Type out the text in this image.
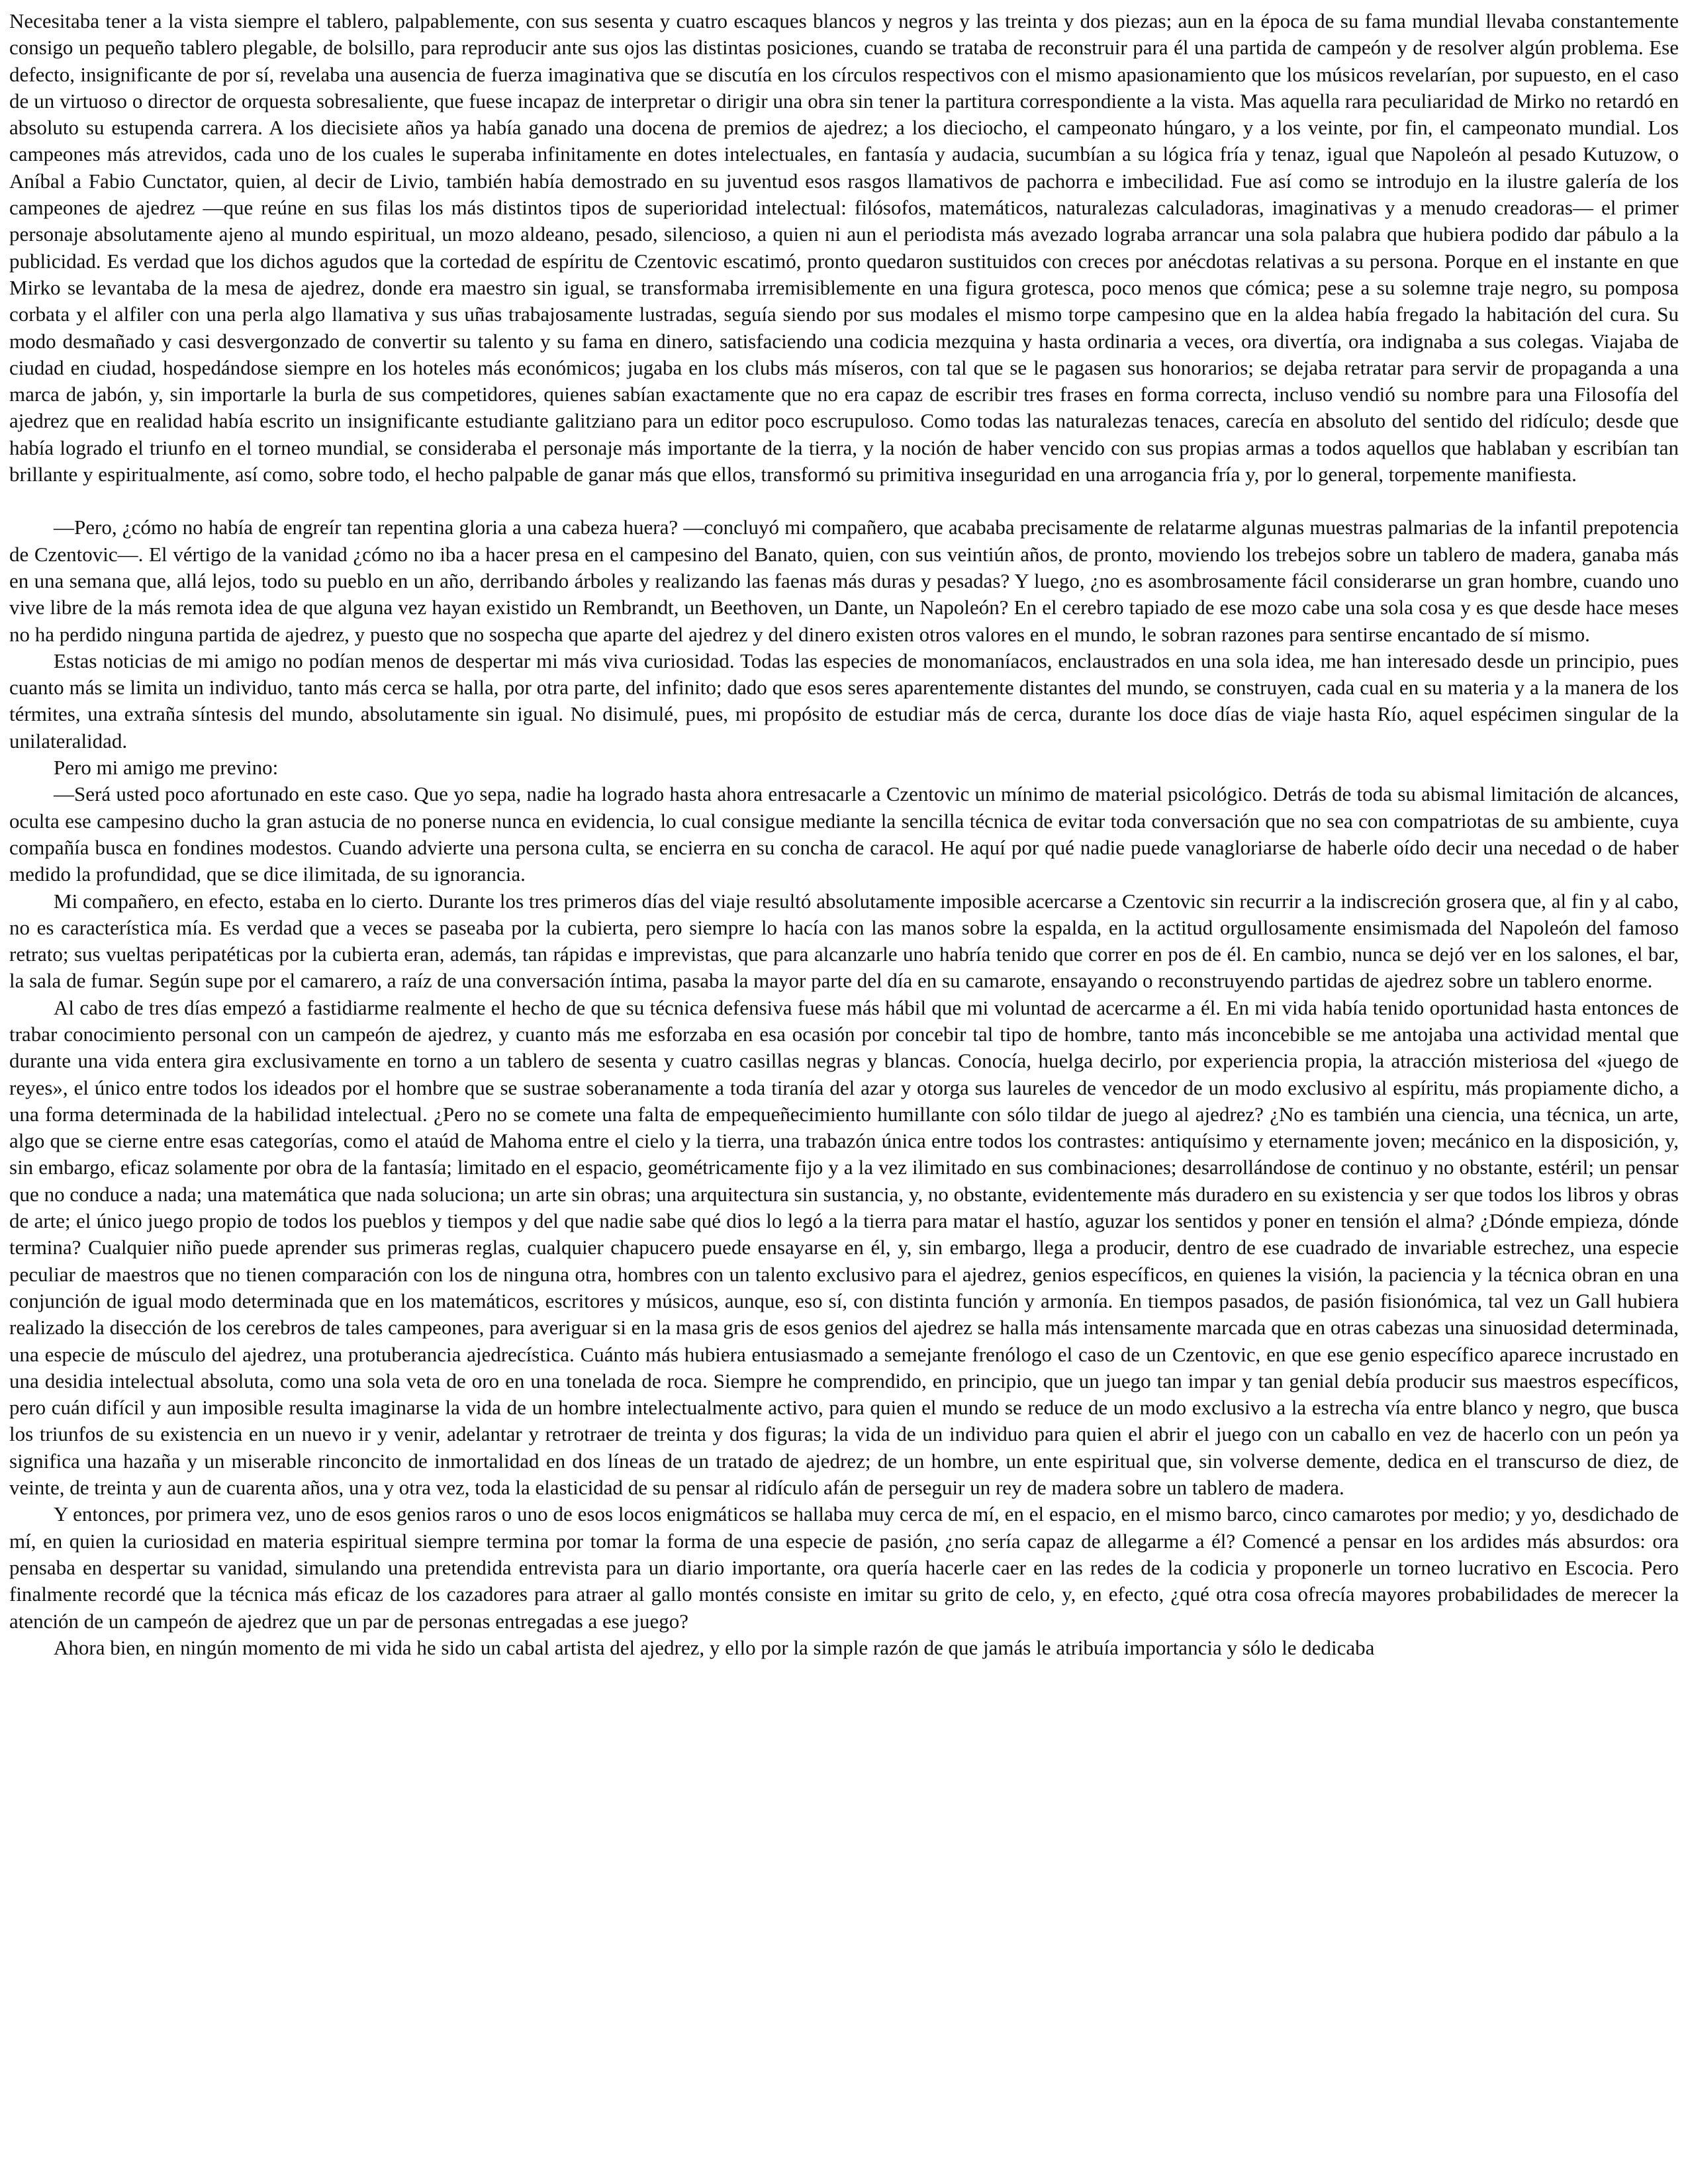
Necesitaba tener a la vista siempre el tablero, palpablemente, con sus sesenta y cuatro escaques blancos y negros y las treinta y dos piezas; aun en la época de su fama mundial llevaba constantemente consigo un pequeño tablero plegable, de bolsillo, para reproducir ante sus ojos las distintas posiciones, cuando se trataba de reconstruir para él una partida de campeón y de resolver algún problema. Ese defecto, insignificante de por sí, revelaba una ausencia de fuerza imaginativa que se discutía en los círculos respectivos con el mismo apasionamiento que los músicos revelarían, por supuesto, en el caso de un virtuoso o director de orquesta sobresaliente, que fuese incapaz de interpretar o dirigir una obra sin tener la partitura correspondiente a la vista. Mas aquella rara peculiaridad de Mirko no retardó en absoluto su estupenda carrera. A los diecisiete años ya había ganado una docena de premios de ajedrez; a los dieciocho, el campeonato húngaro, y a los veinte, por fin, el campeonato mundial. Los campeones más atrevidos, cada uno de los cuales le superaba infinitamente en dotes intelectuales, en fantasía y audacia, sucumbían a su lógica fría y tenaz, igual que Napoleón al pesado Kutuzow, o Aníbal a Fabio Cunctator, quien, al decir de Livio, también había demostrado en su juventud esos rasgos llamativos de pachorra e imbecilidad. Fue así como se introdujo en la ilustre galería de los campeones de ajedrez —que reúne en sus filas los más distintos tipos de superioridad intelectual: filósofos, matemáticos, naturalezas calculadoras, imaginativas y a menudo creadoras— el primer personaje absolutamente ajeno al mundo espiritual, un mozo aldeano, pesado, silencioso, a quien ni aun el periodista más avezado lograba arrancar una sola palabra que hubiera podido dar pábulo a la publicidad. Es verdad que los dichos agudos que la cortedad de espíritu de Czentovic escatimó, pronto quedaron sustituidos con creces por anécdotas relativas a su persona. Porque en el instante en que Mirko se levantaba de la mesa de ajedrez, donde era maestro sin igual, se transformaba irremisiblemente en una figura grotesca, poco menos que cómica; pese a su solemne traje negro, su pomposa corbata y el alfiler con una perla algo llamativa y sus uñas trabajosamente lustradas, seguía siendo por sus modales el mismo torpe campesino que en la aldea había fregado la habitación del cura. Su modo desmañado y casi desvergonzado de convertir su talento y su fama en dinero, satisfaciendo una codicia mezquina y hasta ordinaria a veces, ora divertía, ora indignaba a sus colegas. Viajaba de ciudad en ciudad, hospedándose siempre en los hoteles más económicos; jugaba en los clubs más míseros, con tal que se le pagasen sus honorarios; se dejaba retratar para servir de propaganda a una marca de jabón, y, sin importarle la burla de sus competidores, quienes sabían exactamente que no era capaz de escribir tres frases en forma correcta, incluso vendió su nombre para una Filosofía del ajedrez que en realidad había escrito un insignificante estudiante galitziano para un editor poco escrupuloso. Como todas las naturalezas tenaces, carecía en absoluto del sentido del ridículo; desde que había logrado el triunfo en el torneo mundial, se consideraba el personaje más importante de la tierra, y la noción de haber vencido con sus propias armas a todos aquellos que hablaban y escribían tan brillante y espiritualmente, así como, sobre todo, el hecho palpable de ganar más que ellos, transformó su primitiva inseguridad en una arrogancia fría y, por lo general, torpemente manifiesta.

—Pero, ¿cómo no había de engreír tan repentina gloria a una cabeza huera? —concluyó mi compañero, que acababa precisamente de relatarme algunas muestras palmarias de la infantil prepotencia de Czentovic—. El vértigo de la vanidad ¿cómo no iba a hacer presa en el campesino del Banato, quien, con sus veintiún años, de pronto, moviendo los trebejos sobre un tablero de madera, ganaba más en una semana que, allá lejos, todo su pueblo en un año, derribando árboles y realizando las faenas más duras y pesadas? Y luego, ¿no es asombrosamente fácil considerarse un gran hombre, cuando uno vive libre de la más remota idea de que alguna vez hayan existido un Rembrandt, un Beethoven, un Dante, un Napoleón? En el cerebro tapiado de ese mozo cabe una sola cosa y es que desde hace meses no ha perdido ninguna partida de ajedrez, y puesto que no sospecha que aparte del ajedrez y del dinero existen otros valores en el mundo, le sobran razones para sentirse encantado de sí mismo.

Estas noticias de mi amigo no podían menos de despertar mi más viva curiosidad. Todas las especies de monomaníacos, enclaustrados en una sola idea, me han interesado desde un principio, pues cuanto más se limita un individuo, tanto más cerca se halla, por otra parte, del infinito; dado que esos seres aparentemente distantes del mundo, se construyen, cada cual en su materia y a la manera de los térmites, una extraña síntesis del mundo, absolutamente sin igual. No disimulé, pues, mi propósito de estudiar más de cerca, durante los doce días de viaje hasta Río, aquel espécimen singular de la unilateralidad.

Pero mi amigo me previno:

—Será usted poco afortunado en este caso. Que yo sepa, nadie ha logrado hasta ahora entresacarle a Czentovic un mínimo de material psicológico. Detrás de toda su abismal limitación de alcances, oculta ese campesino ducho la gran astucia de no ponerse nunca en evidencia, lo cual consigue mediante la sencilla técnica de evitar toda conversación que no sea con compatriotas de su ambiente, cuya compañía busca en fondines modestos. Cuando advierte una persona culta, se encierra en su concha de caracol. He aquí por qué nadie puede vanagloriarse de haberle oído decir una necedad o de haber medido la profundidad, que se dice ilimitada, de su ignorancia.

Mi compañero, en efecto, estaba en lo cierto. Durante los tres primeros días del viaje resultó absolutamente imposible acercarse a Czentovic sin recurrir a la indiscreción grosera que, al fin y al cabo, no es característica mía. Es verdad que a veces se paseaba por la cubierta, pero siempre lo hacía con las manos sobre la espalda, en la actitud orgullosamente ensimismada del Napoleón del famoso retrato; sus vueltas peripatéticas por la cubierta eran, además, tan rápidas e imprevistas, que para alcanzarle uno habría tenido que correr en pos de él. En cambio, nunca se dejó ver en los salones, el bar, la sala de fumar. Según supe por el camarero, a raíz de una conversación íntima, pasaba la mayor parte del día en su camarote, ensayando o reconstruyendo partidas de ajedrez sobre un tablero enorme.

Al cabo de tres días empezó a fastidiarme realmente el hecho de que su técnica defensiva fuese más hábil que mi voluntad de acercarme a él. En mi vida había tenido oportunidad hasta entonces de trabar conocimiento personal con un campeón de ajedrez, y cuanto más me esforzaba en esa ocasión por concebir tal tipo de hombre, tanto más inconcebible se me antojaba una actividad mental que durante una vida entera gira exclusivamente en torno a un tablero de sesenta y cuatro casillas negras y blancas. Conocía, huelga decirlo, por experiencia propia, la atracción misteriosa del «juego de reyes», el único entre todos los ideados por el hombre que se sustrae soberanamente a toda tiranía del azar y otorga sus laureles de vencedor de un modo exclusivo al espíritu, más propiamente dicho, a una forma determinada de la habilidad intelectual. ¿Pero no se comete una falta de empequeñecimiento humillante con sólo tildar de juego al ajedrez? ¿No es también una ciencia, una técnica, un arte, algo que se cierne entre esas categorías, como el ataúd de Mahoma entre el cielo y la tierra, una trabazón única entre todos los contrastes: antiquísimo y eternamente joven; mecánico en la disposición, y, sin embargo, eficaz solamente por obra de la fantasía; limitado en el espacio, geométricamente fijo y a la vez ilimitado en sus combinaciones; desarrollándose de continuo y no obstante, estéril; un pensar que no conduce a nada; una matemática que nada soluciona; un arte sin obras; una arquitectura sin sustancia, y, no obstante, evidentemente más duradero en su existencia y ser que todos los libros y obras de arte; el único juego propio de todos los pueblos y tiempos y del que nadie sabe qué dios lo legó a la tierra para matar el hastío, aguzar los sentidos y poner en tensión el alma? ¿Dónde empieza, dónde termina? Cualquier niño puede aprender sus primeras reglas, cualquier chapucero puede ensayarse en él, y, sin embargo, llega a producir, dentro de ese cuadrado de invariable estrechez, una especie peculiar de maestros que no tienen comparación con los de ninguna otra, hombres con un talento exclusivo para el ajedrez, genios específicos, en quienes la visión, la paciencia y la técnica obran en una conjunción de igual modo determinada que en los matemáticos, escritores y músicos, aunque, eso sí, con distinta función y armonía. En tiempos pasados, de pasión fisionómica, tal vez un Gall hubiera realizado la disección de los cerebros de tales campeones, para averiguar si en la masa gris de esos genios del ajedrez se halla más intensamente marcada que en otras cabezas una sinuosidad determinada, una especie de músculo del ajedrez, una protuberancia ajedrecística. Cuánto más hubiera entusiasmado a semejante frenólogo el caso de un Czentovic, en que ese genio específico aparece incrustado en una desidia intelectual absoluta, como una sola veta de oro en una tonelada de roca. Siempre he comprendido, en principio, que un juego tan impar y tan genial debía producir sus maestros específicos, pero cuán difícil y aun imposible resulta imaginarse la vida de un hombre intelectualmente activo, para quien el mundo se reduce de un modo exclusivo a la estrecha vía entre blanco y negro, que busca los triunfos de su existencia en un nuevo ir y venir, adelantar y retrotraer de treinta y dos figuras; la vida de un individuo para quien el abrir el juego con un caballo en vez de hacerlo con un peón ya significa una hazaña y un miserable rinconcito de inmortalidad en dos líneas de un tratado de ajedrez; de un hombre, un ente espiritual que, sin volverse demente, dedica en el transcurso de diez, de veinte, de treinta y aun de cuarenta años, una y otra vez, toda la elasticidad de su pensar al ridículo afán de perseguir un rey de madera sobre un tablero de madera.

Y entonces, por primera vez, uno de esos genios raros o uno de esos locos enigmáticos se hallaba muy cerca de mí, en el espacio, en el mismo barco, cinco camarotes por medio; y yo, desdichado de mí, en quien la curiosidad en materia espiritual siempre termina por tomar la forma de una especie de pasión, ¿no sería capaz de allegarme a él? Comencé a pensar en los ardides más absurdos: ora pensaba en despertar su vanidad, simulando una pretendida entrevista para un diario importante, ora quería hacerle caer en las redes de la codicia y proponerle un torneo lucrativo en Escocia. Pero finalmente recordé que la técnica más eficaz de los cazadores para atraer al gallo montés consiste en imitar su grito de celo, y, en efecto, ¿qué otra cosa ofrecía mayores probabilidades de merecer la atención de un campeón de ajedrez que un par de personas entregadas a ese juego?

Ahora bien, en ningún momento de mi vida he sido un cabal artista del ajedrez, y ello por la simple razón de que jamás le atribuía importancia y sólo le dedicaba
